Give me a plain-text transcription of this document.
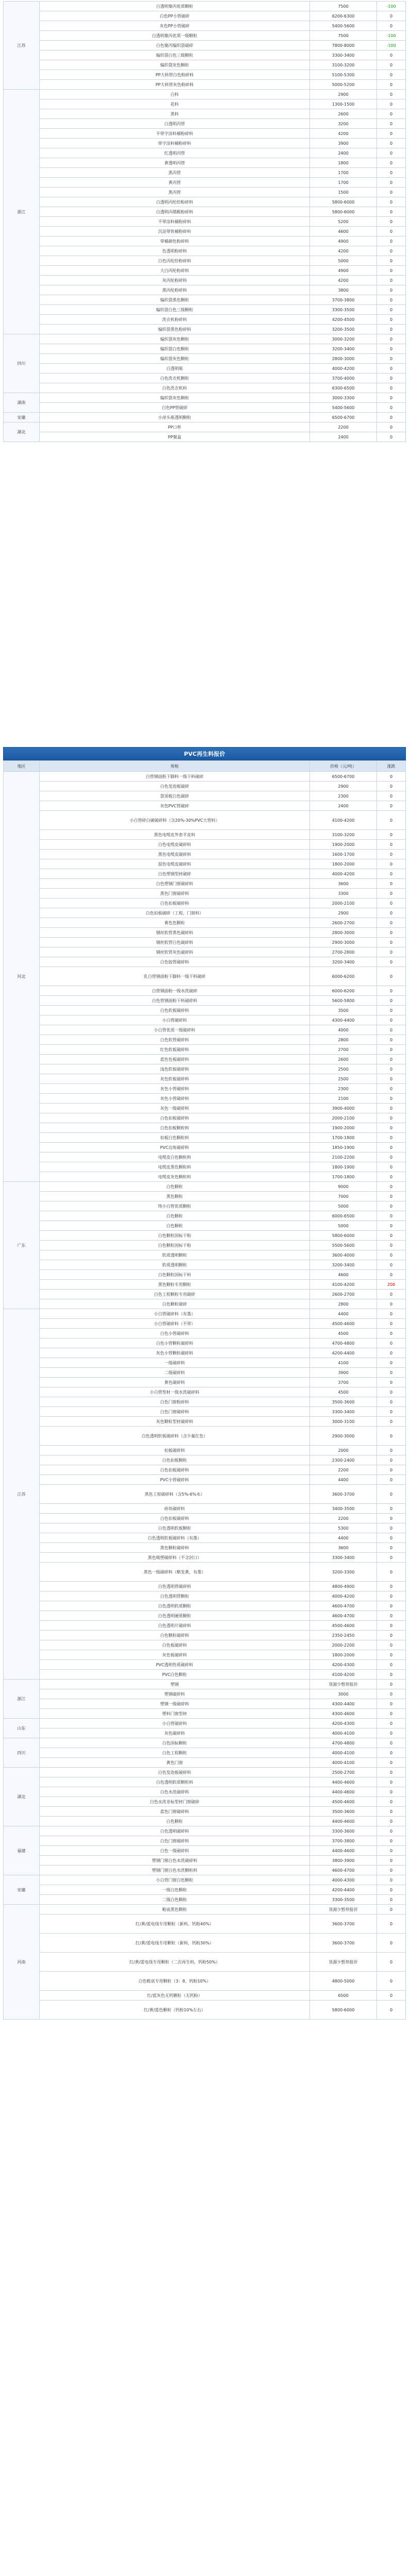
江苏	白透明聚丙优质颗粒	7500	-100
	白色PP小管破碎	6200-6300	0
	灰色PP小管破碎	5400-5600	0
	白透明聚丙优质一级颗粒	7500	-100
	白色聚丙编织袋破碎	7800-8000	-100
	编织袋白色三级颗粒	3300-3400	0
	编织袋灰色颗粒	3100-3200	0
	PP大料管白色粉碎料	5100-5300	0
	PP大料管灰色粉碎料	5000-5200	0
浙江	白料	2900	0
	花料	1300-1500	0
	黑料	2600	0
	白透明丙管	3200	0
	不带字涂料桶粉碎料	4200	0
	带字涂料桶粉碎料	3900	0
	红透明丙管	2400	0
	黄透明丙管	1800	0
	黑丙管	1700	0
	黄丙管	1700	0
	黑丙管	1500	0
	白透明丙纶纺粉碎料	5800-6000	0
	白透明丙烯酸粉碎料	5800-6000	0
	不带涂料桶粉碎料	5200	0
	沉淀带铁桶粉碎料	4600	0
	带桶颜色粉碎料	4900	0
	色透明粉碎料	4200	0
	白色丙纶纺粉碎料	5000	0
	大白丙纶粉碎料	4900	0
	灰丙纶粉碎料	4200	0
	黑丙纶粉碎料	3800	0
	编织袋黑色颗粒	3700-3800	0
	编织袋白色三级颗粒	3300-3500	0
	洗衣机粉碎料	4200-4500	0
	编织袋黑色粉碎料	3200-3500	0
四川	编织袋灰色颗粒	3000-3200	0
	编织袋白色颗粒	3200-3400	0
	编织袋灰色颗粒	2800-3000	0
	白透明瓶	4000-4200	0
	白色洗衣机颗粒	3700-4000	0
	白色洗衣机料	6300-6500	0
湖南	编织袋灰色颗粒	3000-3300	0
	白色PP管破碎	5400-5600	0
安徽	小淳头瓶透明颗粒	6500-6700	0
湖北	PP口杯	2200	0
	PP餐盒	2400	0
PVC再生料报价
地区	规格	价格（元/吨）	涨跌
河北	白管钢面粉下脚料一级干料破碎	6500-6700	0
	白色发泡板破碎	2900	0
	袋顶板白色破碎	2300	0
	灰色PVC管破碎	2400	0
	小白管碎白硬破碎料（含20%-30%PVC大管料）	4100-4200	0
	黑色电缆皮外套羊皮料	3100-3200	0
	白色电缆皮破碎料	1900-2000	0
	黑色电缆皮破碎料	1600-1700	0
	混色电缆皮破碎料	1800-2000	0
	白色塑钢型材破碎	4000-4200	0
	白色塑钢门窗破碎料	3600	0
	黑色门窗破碎料	3300	0
	白色扣板破碎料	2000-2100	0
	白色扣板破碎（工程，门窗料）	2900	0
	黄色色颗粒	2600-2700	0
	钢丝软管黑色破碎料	2800-3000	0
	钢丝软管白色破碎料	2900-3000	0
	钢丝软管灰色破碎料	2700-2800	0
	白色胶管破碎料	3200-3400	0
	乳白管钢面粉下脚料一级干料破碎	6000-6200	0
	白管钢面粉一级水洗破碎	6000-6200	0
	白色管钢面粉下料破碎料	5600-5800	0
	白色软板破碎料	3500	0
	小白管破碎料	4300-4400	0
	小白管优质一级破碎料	4000	0
	白色软管破碎料	2800	0
	红色软板破碎料	2700	0
	蓝色色板破碎料	2600	0
	浅色软板破碎料	2500	0
	灰色软板破碎料	2500	0
	灰色小管破碎料	2300	0
	灰色小管破碎料	2100	0
	灰色一级破碎料	3900-4000	0
	白色扣板破碎料	2000-2100	0
	白色扣板颗粒料	1900-2000	0
	扣板白色颗粒料	1700-1800	0
	PVC边角破碎料	1850-1900	0
	电缆皮白色颗粒料	2100-2200	0
	电缆皮黑色颗粒料	1800-1900	0
	电缆皮灰色颗粒料	1700-1800	0
广东	白色颗粒	9000	0
	黑色颗粒	7000	0
	纯小白管优质颗粒	5000	0
	白色颗粒	6000-6500	0
	白色颗粒	5000	0
	白色颗粒国标干粉	5800-6000	0
	白色颗粒国标干粉	5500-5600	0
	软质透明颗粒	3600-4000	0
	软质透明颗粒	3200-3400	0
	白色颗粒国标干料	4600	0
	黑色颗粒专用颗粒	4100-4200	200
	白色工程颗粒专用破碎	2600-2700	0
	白色颗粒破碎	2800	0
江苏	小白管破碎料（有墨）	4400	0
	小白管破碎料（不带）	4500-4600	0
	白色小管破碎料	4500	0
	白色小管颗粒破碎料	4700-4800	0
	灰色小管颗粒破碎料	4200-4400	0
	一级破碎料	4100	0
	二级破碎料	3900	0
	黄色破碎料	3700	0
	小白管型材一级水洗破碎料	4500	0
	白色门窗粉碎料	3500-3600	0
	白色门窗破碎料	3300-3400	0
	灰色颗粒型材破碎料	3000-3100	0
	白色透明软板破碎料（含少量红色）	2900-3000	0
	扣板破碎料	2000	0
	白色扣板颗粒	2300-2400	0
	白色扣板破碎料	2200	0
	PVC小管破碎料	4400	0
	黑色工程破碎料（含5%-6%水）	3600-3700	0
	砖块破碎料	3400-3500	0
	白色扣板破碎料	2200	0
	白色透明软板颗粒	5300	0
	白色透明软板破碎料（有墨）	4400	0
	黑色颗粒破碎料	3600	0
	黑色吸塑破碎料（不含封口）	3300-3400	0
	黑色一级破碎料（略发黄，有墨）	3200-3300	0
	白色透明管破碎料	4800-4900	0
	白色透明管颗粒	4000-4200	0
	白色透明软质颗粒	4600-4700	0
	白色透明硬质颗粒	4600-4700	0
	白色透明片破碎料	4500-4600	0
	白色颗粒破碎料	2350-2450	0
	白色板破碎料	2000-2200	0
	灰色板破碎料	1800-2000	0
	PVC透明性质破碎料	4200-4300	0
	PVC白色颗粒	4100-4200	0
浙江	塑钢	货源少暂停报价	0
	塑钢破碎料	3000	0
	塑钢一级破碎料	4300-4400	0
	塑料门窗型材	4300-4600	0
山东	小白管破碎料	4200-4300	0
	灰色破碎料	4000-4100	0
四川	白色国标颗粒	4700-4800	0
	白色工程颗粒	4000-4100	0
	黄色门窗	4000-4100	0
湖北	白色发泡板破碎料	2500-2700	0
	白色透明软质颗粒料	4400-4600	0
	白色水洗破碎料	4400-4600	0
	白色水洗非标型材门窗破碎	4500-4600	0
	蓝色门窗破碎料	3500-3600	0
	白色颗粒	4400-4600	0
福建	白色透明破碎料	3300-3600	0
	白色门窗破碎料	3700-3800	0
	白色一级破碎料	4400-4600	0
	塑钢门窗白色水洗破碎料	3800-3900	0
	塑钢门窗白色水洗颗粒料	4600-4700	0
安徽	小白管门窗白色颗粒	4000-4300	0
	一级白色颗粒	4200-4400	0
	二级白色颗粒	3300-3500	0
河南	鞋底黑色颗粒	货源少暂停报价	0
	红/黄/蓝电线专用颗粒（新料，钙粉40%）	3600-3700	0
	红/黄/蓝电线专用颗粒（新料，钙粉30%）	3600-3700	0
	红/黄/蓝电线专用颗粒（二次再生料，钙粉50%）	货源少暂停报价	0
	白色鞋底专用颗粒（3：8，钙粉10%）	4800-5000	0
	红/蓝灰色无钙颗粒（无钙粉）	6500	0
	红/黄/蓝色颗粒（钙粉10%左右）	5800-6000	0
